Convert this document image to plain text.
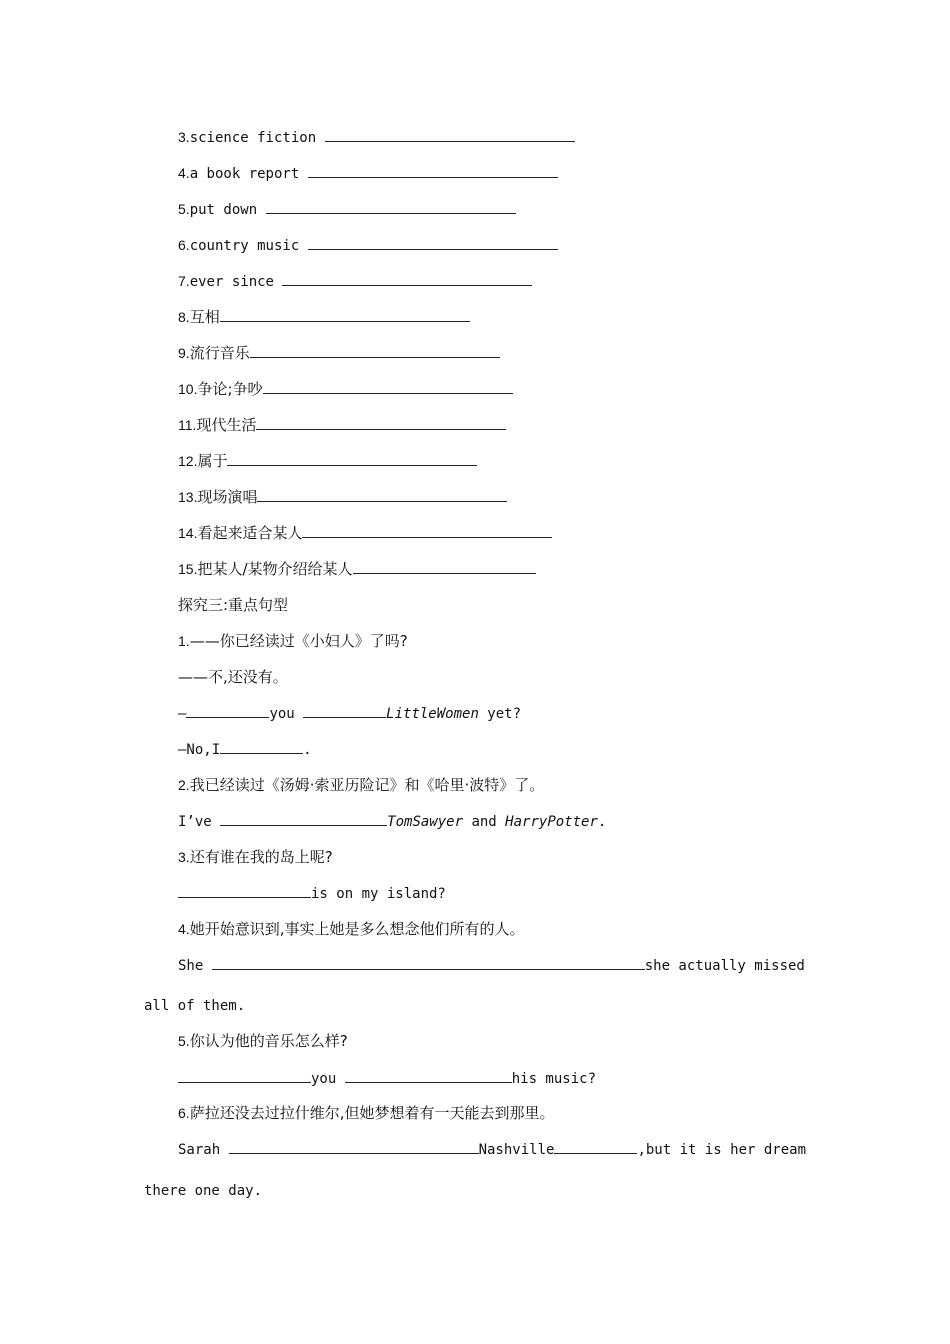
3.science fiction
4.a book report
5.put down
6.country music
7.ever since
8.互相
9.流行音乐
10.争论;争吵
11.现代生活
12.属于
13.现场演唱
14.看起来适合某人
15.把某人/某物介绍给某人
探究三:重点句型
1.——你已经读过《小妇人》了吗?
——不,还没有。
—	you	LittleWomen yet?
—No,I	.
2.我已经读过《汤姆·索亚历险记》和《哈里·波特》了。
I’ve	TomSawyer and HarryPotter.
3.还有谁在我的岛上呢?
is on my island?
4.她开始意识到,事实上她是多么想念他们所有的人。
She	she actually missed
all of them.
5.你认为他的音乐怎么样?
you	his music?
6.萨拉还没去过拉什维尔,但她梦想着有一天能去到那里。
Sarah	Nashville	,but it is her dream
there one day.
